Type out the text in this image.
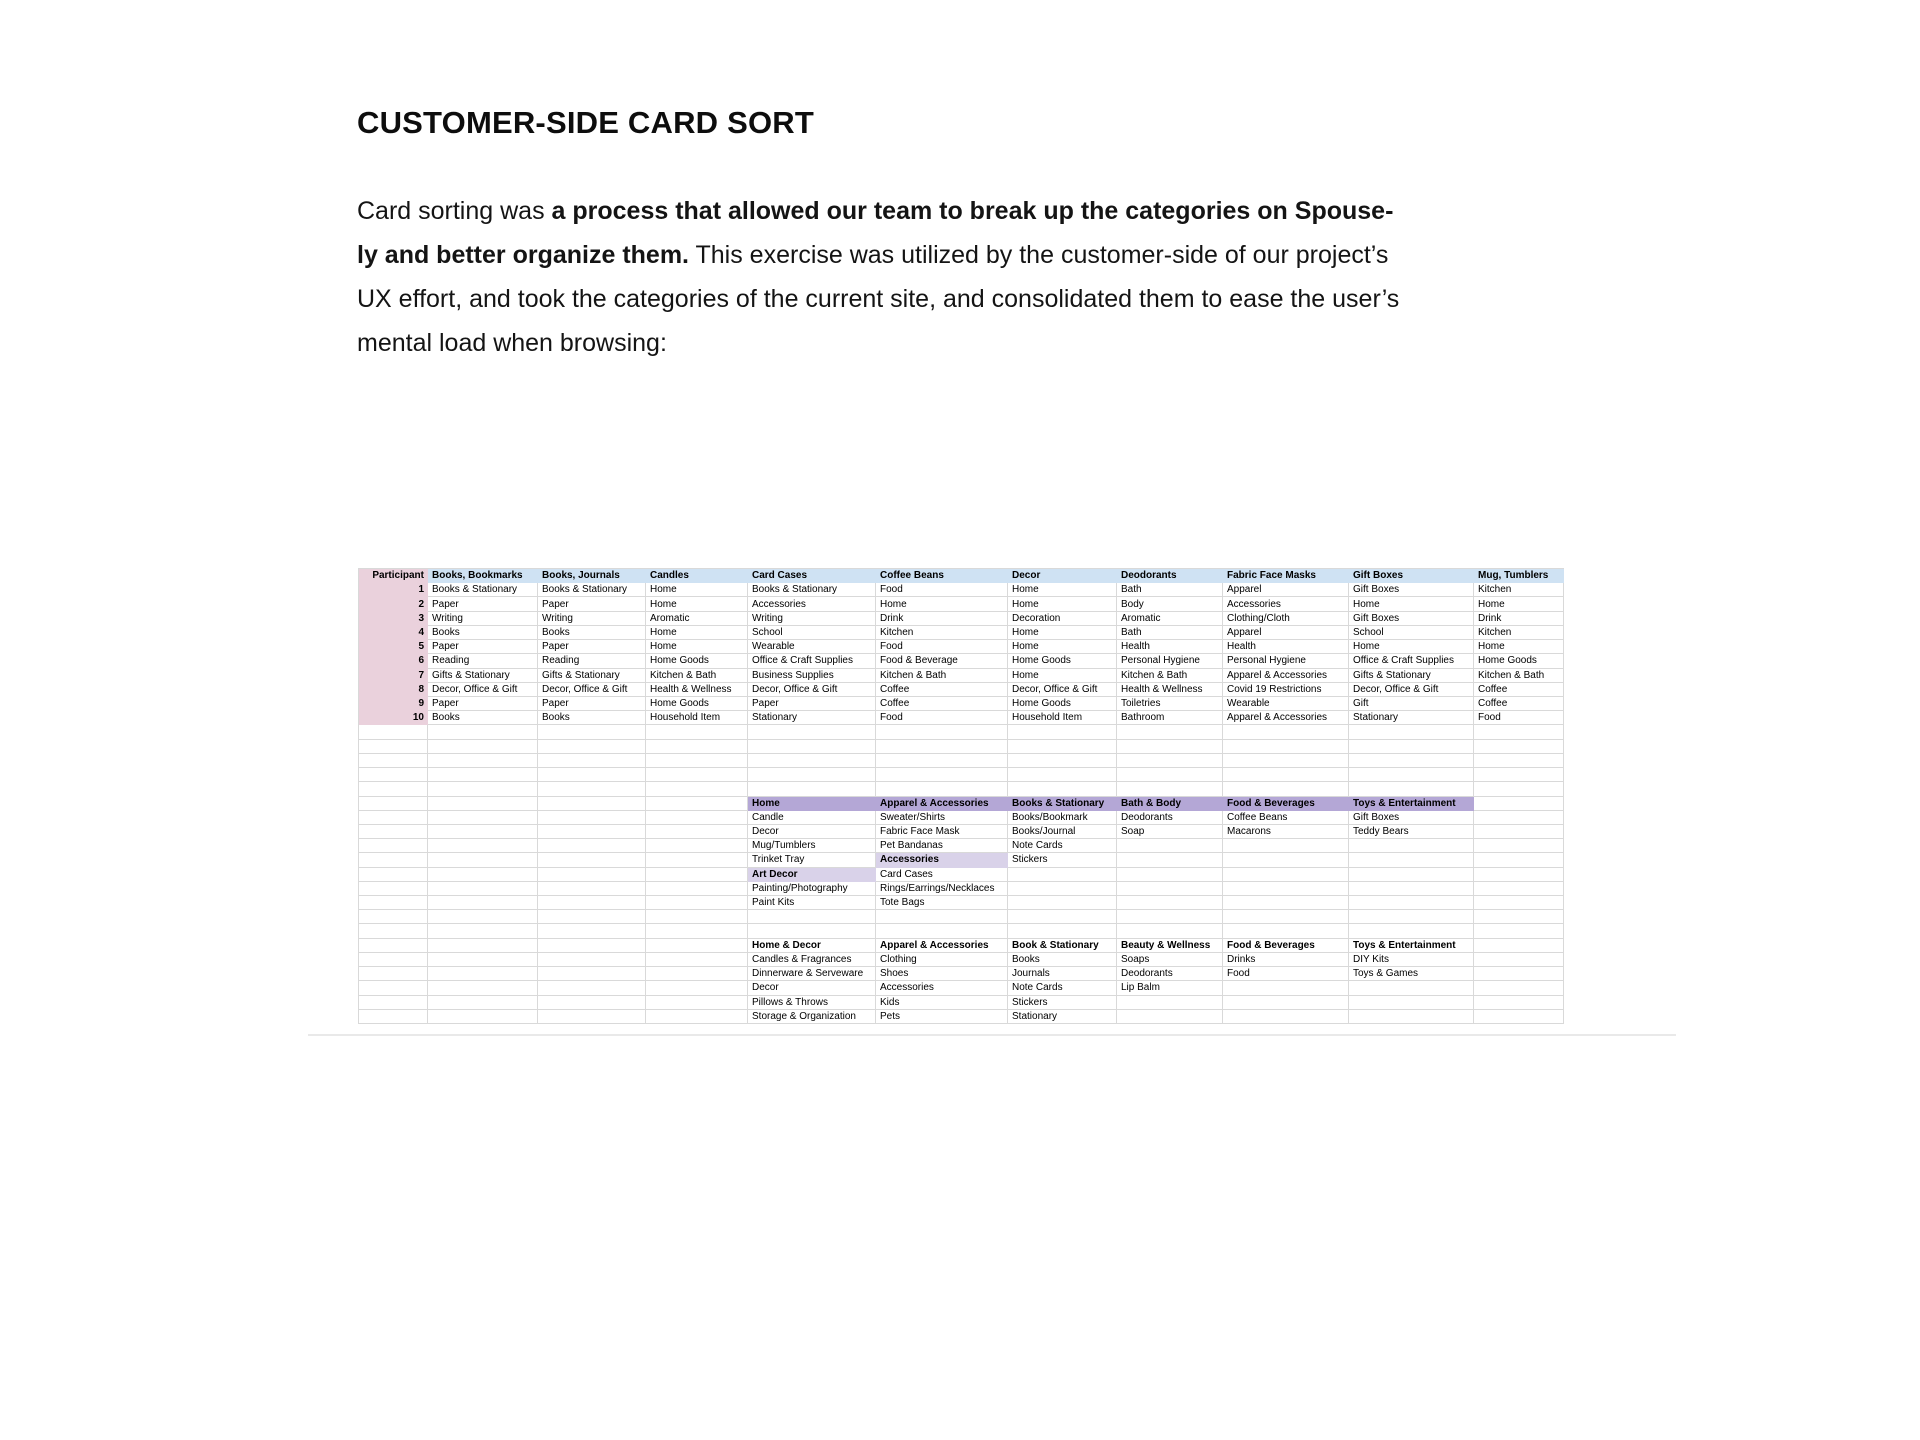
CUSTOMER-SIDE CARD SORT

Card sorting was a process that allowed our team to break up the categories on Spouse-
ly and better organize them. This exercise was utilized by the customer-side of our project’s
UX effort, and took the categories of the current site, and consolidated them to ease the user’s
mental load when browsing:

Participant Books, Bookmarks	Books, Journals	Candles	Card Cases	Coffee Beans	Decor	Deodorants	Fabric Face Masks	Gift Boxes	Mug, Tumblers
1 Books & Stationary	Books & Stationary	Home	Books & Stationary	Food	Home	Bath	Apparel	Gift Boxes	Kitchen
2 Paper	Paper	Home	Accessories	Home	Home	Body	Accessories	Home	Home
3 Writing	Writing	Aromatic	Writing	Drink	Decoration	Aromatic	Clothing/Cloth	Gift Boxes	Drink
4 Books	Books	Home	School	Kitchen	Home	Bath	Apparel	School	Kitchen
5 Paper	Paper	Home	Wearable	Food	Home	Health	Health	Home	Home
6 Reading	Reading	Home Goods	Office & Craft Supplies	Food & Beverage	Home Goods	Personal Hygiene	Personal Hygiene	Office & Craft Supplies	Home Goods
7 Gifts & Stationary	Gifts & Stationary	Kitchen & Bath	Business Supplies	Kitchen & Bath	Home	Kitchen & Bath	Apparel & Accessories	Gifts & Stationary	Kitchen & Bath
8 Decor, Office & Gift	Decor, Office & Gift	Health & Wellness	Decor, Office & Gift	Coffee	Decor, Office & Gift	Health & Wellness	Covid 19 Restrictions	Decor, Office & Gift	Coffee
9 Paper	Paper	Home Goods	Paper	Coffee	Home Goods	Toiletries	Wearable	Gift	Coffee
10 Books	Books	Household Item	Stationary	Food	Household Item	Bathroom	Apparel & Accessories	Stationary	Food
Home	Apparel & Accessories	Books & Stationary	Bath & Body	Food & Beverages	Toys & Entertainment
Candle	Sweater/Shirts	Books/Bookmark	Deodorants	Coffee Beans	Gift Boxes
Decor	Fabric Face Mask	Books/Journal	Soap	Macarons	Teddy Bears
Mug/Tumblers	Pet Bandanas	Note Cards
Trinket Tray	Accessories	Stickers
Art Decor	Card Cases
Painting/Photography	Rings/Earrings/Necklaces
Paint Kits	Tote Bags
Home & Decor	Apparel & Accessories	Book & Stationary	Beauty & Wellness	Food & Beverages	Toys & Entertainment
Candles & Fragrances	Clothing	Books	Soaps	Drinks	DIY Kits
Dinnerware & Serveware	Shoes	Journals	Deodorants	Food	Toys & Games
Decor	Accessories	Note Cards	Lip Balm
Pillows & Throws	Kids	Stickers
Storage & Organization	Pets	Stationary
